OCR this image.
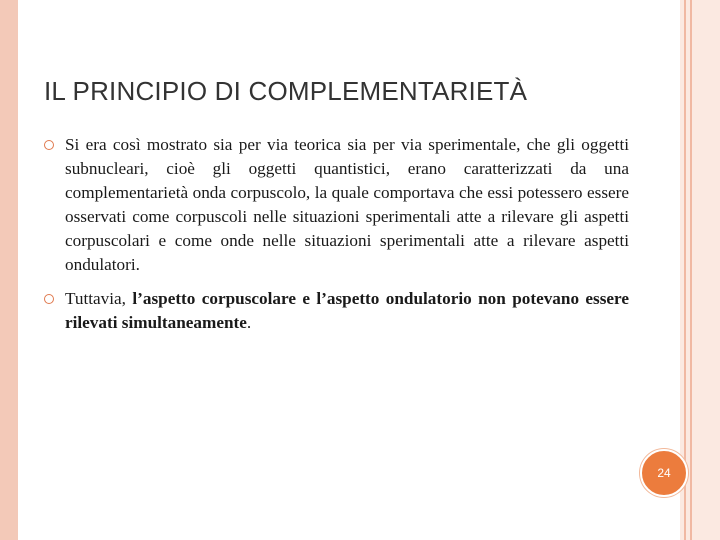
IL PRINCIPIO DI COMPLEMENTARIETÀ
Si era così mostrato sia per via teorica sia per via sperimentale, che gli oggetti subnucleari, cioè gli oggetti quantistici, erano caratterizzati da una complementarietà onda corpuscolo, la quale comportava che essi potessero essere osservati come corpuscoli nelle situazioni sperimentali atte a rilevare gli aspetti corpuscolari e come onde nelle situazioni sperimentali atte a rilevare aspetti ondulatori.
Tuttavia, l’aspetto corpuscolare e l’aspetto ondulatorio non potevano essere rilevati simultaneamente.
24
